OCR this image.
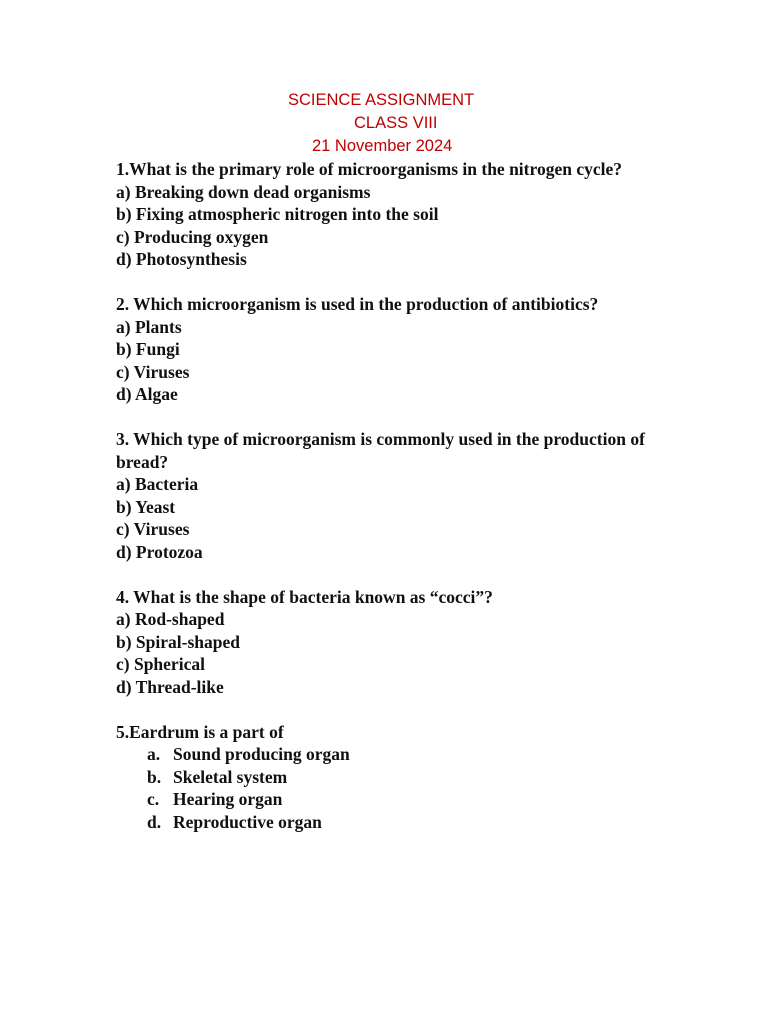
SCIENCE ASSIGNMENT
CLASS VIII
21 November 2024
1.What is the primary role of microorganisms in the nitrogen cycle?
a) Breaking down dead organisms
b) Fixing atmospheric nitrogen into the soil
c) Producing oxygen
d) Photosynthesis
2. Which microorganism is used in the production of antibiotics?
a) Plants
b) Fungi
c) Viruses
d) Algae
3. Which type of microorganism is commonly used in the production of bread?
a) Bacteria
b) Yeast
c) Viruses
d) Protozoa
4. What is the shape of bacteria known as “cocci”?
a) Rod-shaped
b) Spiral-shaped
c) Spherical
d) Thread-like
5.Eardrum is a part of
a. Sound producing organ
b. Skeletal system
c. Hearing organ
d. Reproductive organ
